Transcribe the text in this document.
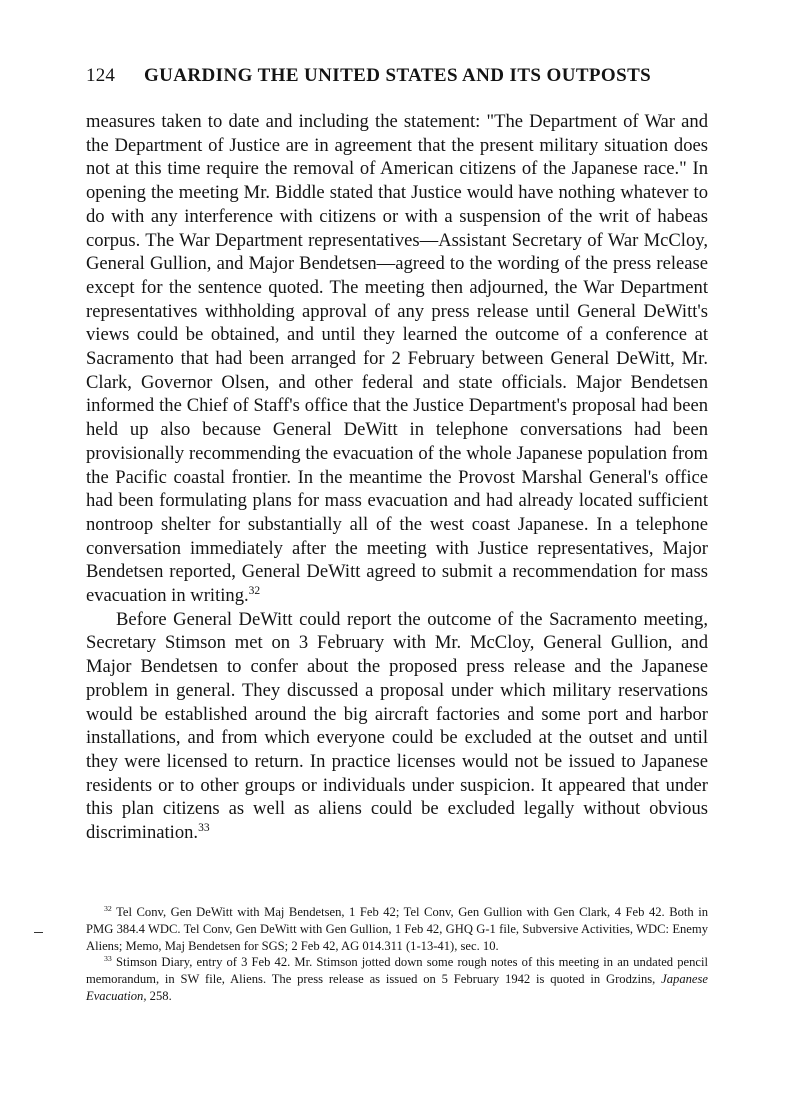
124 GUARDING THE UNITED STATES AND ITS OUTPOSTS

measures taken to date and including the statement: "The Department of War and the Department of Justice are in agreement that the present military situation does not at this time require the removal of American citizens of the Japanese race." In opening the meeting Mr. Biddle stated that Justice would have nothing whatever to do with any interference with citizens or with a suspension of the writ of habeas corpus. The War Department representatives—Assistant Secretary of War McCloy, General Gullion, and Major Bendetsen—agreed to the wording of the press release except for the sentence quoted. The meeting then adjourned, the War Department representatives withholding approval of any press release until General DeWitt's views could be obtained, and until they learned the outcome of a conference at Sacramento that had been arranged for 2 February between General DeWitt, Mr. Clark, Governor Olsen, and other federal and state officials. Major Bendetsen informed the Chief of Staff's office that the Justice Department's proposal had been held up also because General DeWitt in telephone conversations had been provisionally recommending the evacuation of the whole Japanese population from the Pacific coastal frontier. In the meantime the Provost Marshal General's office had been formulating plans for mass evacuation and had already located sufficient nontroop shelter for substantially all of the west coast Japanese. In a telephone conversation immediately after the meeting with Justice representatives, Major Bendetsen reported, General DeWitt agreed to submit a recommendation for mass evacuation in writing.$^{32}$

Before General DeWitt could report the outcome of the Sacramento meeting, Secretary Stimson met on 3 February with Mr. McCloy, General Gullion, and Major Bendetsen to confer about the proposed press release and the Japanese problem in general. They discussed a proposal under which military reservations would be established around the big aircraft factories and some port and harbor installations, and from which everyone could be excluded at the outset and until they were licensed to return. In practice licenses would not be issued to Japanese residents or to other groups or individuals under suspicion. It appeared that under this plan citizens as well as aliens could be excluded legally without obvious discrimination.$^{33}$

$^{32}$ Tel Conv, Gen DeWitt with Maj Bendetsen, 1 Feb 42; Tel Conv, Gen Gullion with Gen Clark, 4 Feb 42. Both in PMG 384.4 WDC. Tel Conv, Gen DeWitt with Gen Gullion, 1 Feb 42, GHQ G-1 file, Subversive Activities, WDC: Enemy Aliens; Memo, Maj Bendetsen for SGS; 2 Feb 42, AG 014.311 (1-13-41), sec. 10.

$^{33}$ Stimson Diary, entry of 3 Feb 42. Mr. Stimson jotted down some rough notes of this meeting in an undated pencil memorandum, in SW file, Aliens. The press release as issued on 5 February 1942 is quoted in Grodzins, Japanese Evacuation, 258.
